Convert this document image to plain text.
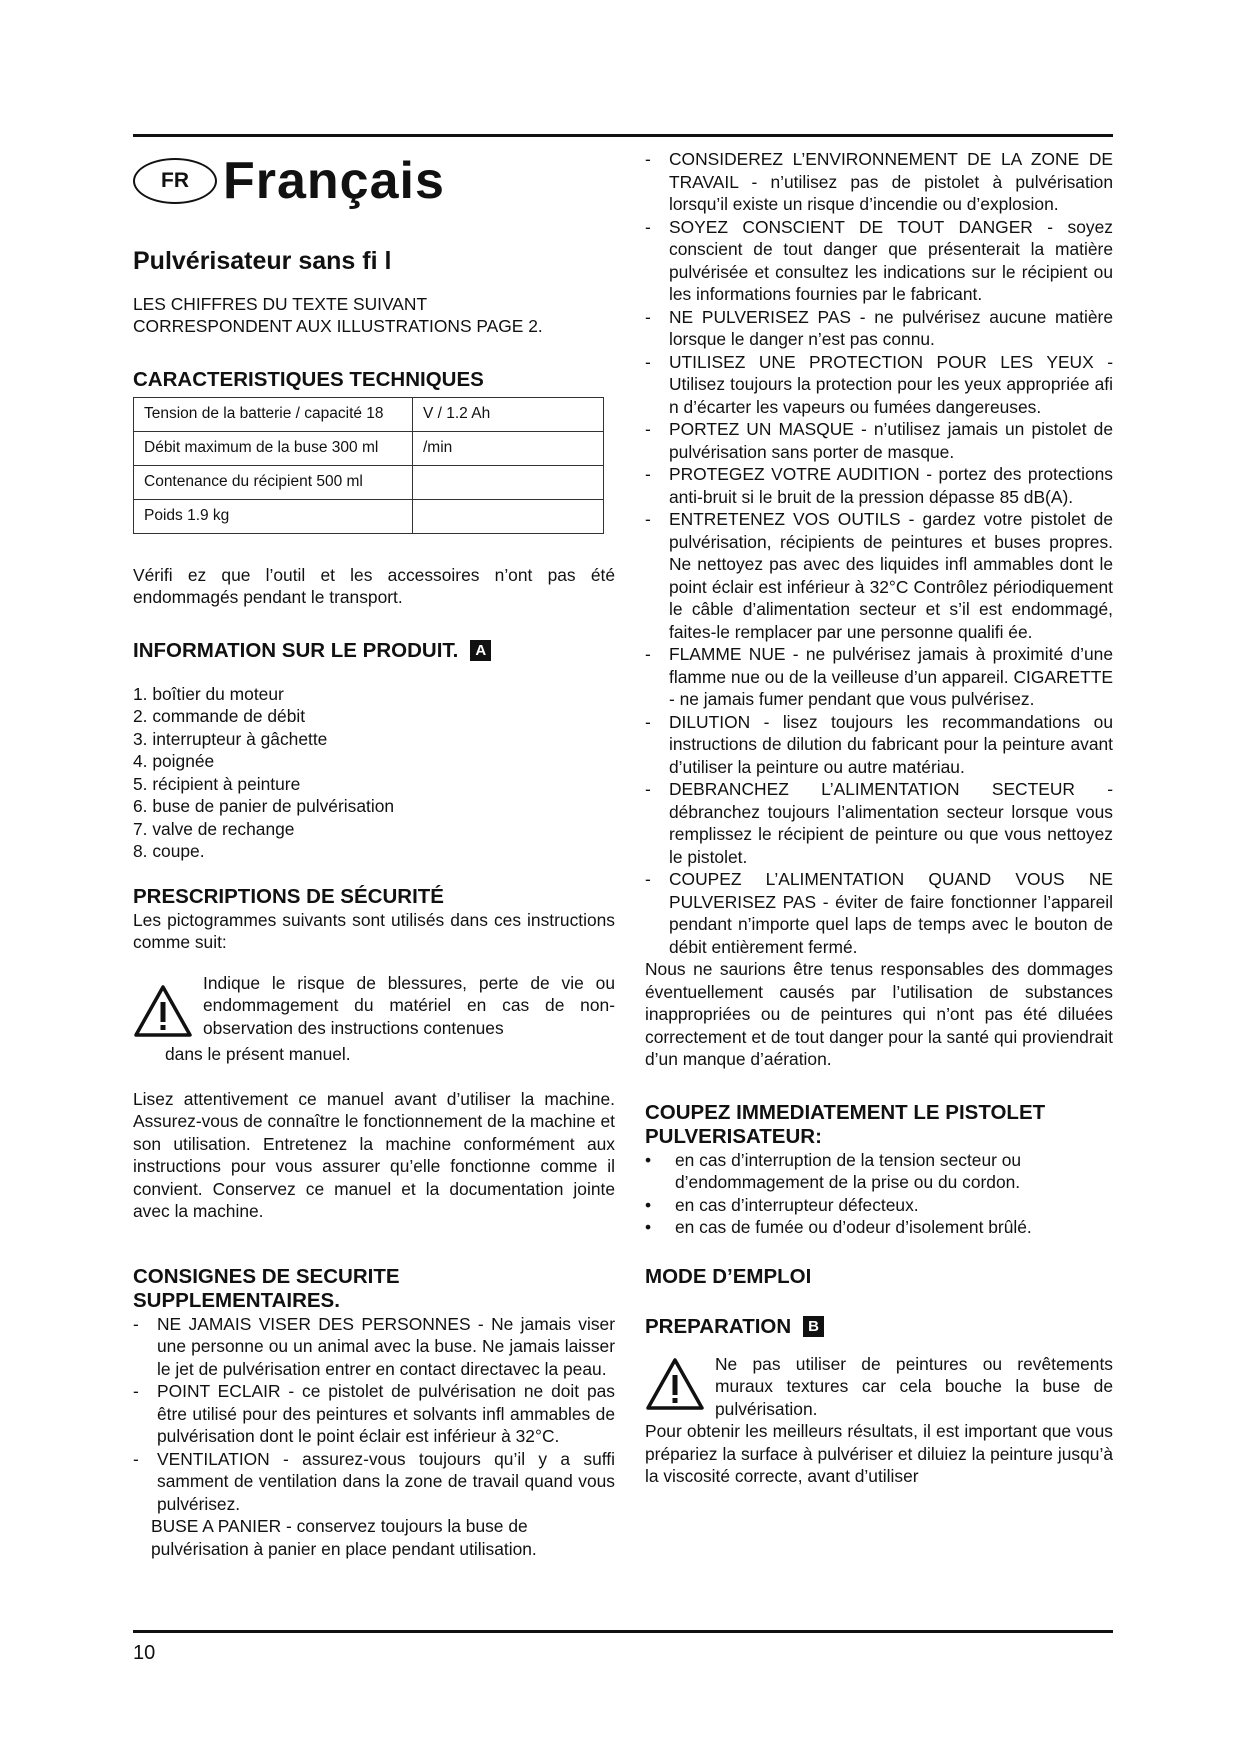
FR Français
Pulvérisateur sans fi l

LES CHIFFRES DU TEXTE SUIVANT

CORRESPONDENT AUX ILLUSTRATIONS PAGE 2.

CARACTERISTIQUES TECHNIQUES
Tension de la batterie / capacité 18	V / 1.2 Ah
Débit maximum de la buse 300 ml	/min
Contenance du récipient 500 ml	
Poids 1.9 kg	

Vérifi ez que l’outil et les accessoires n’ont pas été endommagés pendant le transport.

INFORMATION SUR LE PRODUIT. A
1. boîtier du moteur
2. commande de débit
3. interrupteur à gâchette
4. poignée
5. récipient à peinture
6. buse de panier de pulvérisation
7. valve de rechange
8. coupe.
PRESCRIPTIONS DE SÉCURITÉ

Les pictogrammes suivants sont utilisés dans ces instructions comme suit:

Indique le risque de blessures, perte de vie ou endommagement du matériel en cas de non-observation des instructions contenues

dans le présent manuel.

Lisez attentivement ce manuel avant d’utiliser la machine. Assurez-vous de connaître le fonctionnement de la machine et son utilisation. Entretenez la machine conformément aux instructions pour vous assurer qu’elle fonctionne comme il convient. Conservez ce manuel et la documentation jointe avec la machine.

CONSIGNES DE SECURITE
SUPPLEMENTAIRES.
-	NE JAMAIS VISER DES PERSONNES - Ne jamais viser une personne ou un animal avec la buse. Ne jamais laisser le jet de pulvérisation entrer en contact directavec la peau.
-	POINT ECLAIR - ce pistolet de pulvérisation ne doit pas être utilisé pour des peintures et solvants infl ammables de pulvérisation dont le point éclair est inférieur à 32°C.
-	VENTILATION - assurez-vous toujours qu’il y a suffi samment de ventilation dans la zone de travail quand vous pulvérisez.

BUSE A PANIER - conservez toujours la buse de pulvérisation à panier en place pendant utilisation.

-	CONSIDEREZ L’ENVIRONNEMENT DE LA ZONE DE TRAVAIL - n’utilisez pas de pistolet à pulvérisation lorsqu’il existe un risque d’incendie ou d’explosion.
-	SOYEZ CONSCIENT DE TOUT DANGER - soyez conscient de tout danger que présenterait la matière pulvérisée et consultez les indications sur le récipient ou les informations fournies par le fabricant.
-	NE PULVERISEZ PAS - ne pulvérisez aucune matière lorsque le danger n’est pas connu.
-	UTILISEZ UNE PROTECTION POUR LES YEUX -Utilisez toujours la protection pour les yeux appropriée afi n d’écarter les vapeurs ou fumées dangereuses.
-	PORTEZ UN MASQUE - n’utilisez jamais un pistolet de pulvérisation sans porter de masque.
-	PROTEGEZ VOTRE AUDITION - portez des protections anti-bruit si le bruit de la pression dépasse 85 dB(A).
-	ENTRETENEZ VOS OUTILS - gardez votre pistolet de pulvérisation, récipients de peintures et buses propres. Ne nettoyez pas avec des liquides infl ammables dont le point éclair est inférieur à 32°C Contrôlez périodiquement le câble d’alimentation secteur et s’il est endommagé, faites-le remplacer par une personne qualifi ée.
-	FLAMME NUE - ne pulvérisez jamais à proximité d’une flamme nue ou de la veilleuse d’un appareil. CIGARETTE - ne jamais fumer pendant que vous pulvérisez.
-	DILUTION - lisez toujours les recommandations ou instructions de dilution du fabricant pour la peinture avant d’utiliser la peinture ou autre matériau.
-	DEBRANCHEZ L’ALIMENTATION SECTEUR -débranchez toujours l’alimentation secteur lorsque vous remplissez le récipient de peinture ou que vous nettoyez le pistolet.
-	COUPEZ L’ALIMENTATION QUAND VOUS NE PULVERISEZ PAS - éviter de faire fonctionner l’appareil pendant n’importe quel laps de temps avec le bouton de débit entièrement fermé.

Nous ne saurions être tenus responsables des dommages éventuellement causés par l’utilisation de substances inappropriées ou de peintures qui n’ont pas été diluées correctement et de tout danger pour la santé qui proviendrait d’un manque d’aération.

COUPEZ IMMEDIATEMENT LE PISTOLET
PULVERISATEUR:
•	en cas d’interruption de la tension secteur ou d’endommagement de la prise ou du cordon.
•	en cas d’interrupteur défecteux.
•	en cas de fumée ou d’odeur d’isolement brûlé.
MODE D’EMPLOI
PREPARATION B

Ne pas utiliser de peintures ou revêtements muraux textures car cela bouche la buse de pulvérisation.

Pour obtenir les meilleurs résultats, il est important que vous prépariez la surface à pulvériser et diluiez la peinture jusqu’à la viscosité correcte, avant d’utiliser

10
